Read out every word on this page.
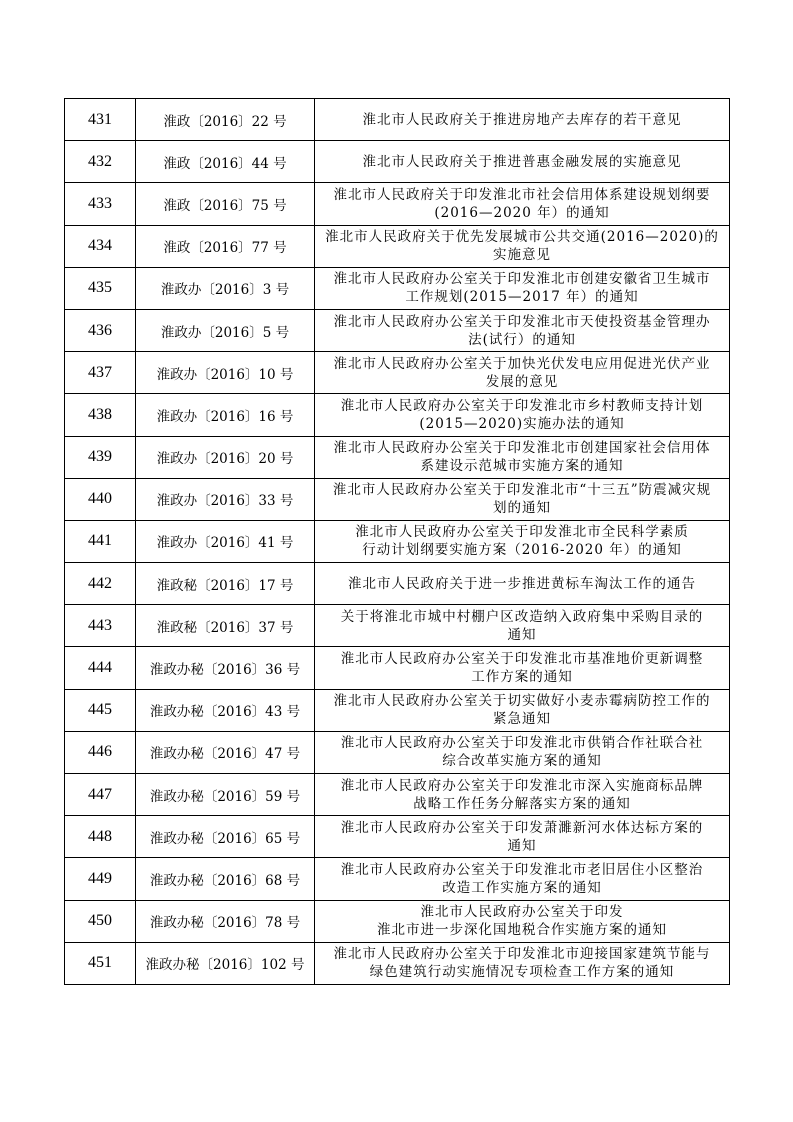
431	淮政〔2016〕22 号	淮北市人民政府关于推进房地产去库存的若干意见

432	淮政〔2016〕44 号	淮北市人民政府关于推进普惠金融发展的实施意见

433	淮政〔2016〕75 号	淮北市人民政府关于印发淮北市社会信用体系建设规划纲要
(2016—2020 年）的通知

434	淮政〔2016〕77 号	淮北市人民政府关于优先发展城市公共交通(2016—2020)的
实施意见

435	淮政办〔2016〕3 号	淮北市人民政府办公室关于印发淮北市创建安徽省卫生城市
工作规划(2015—2017 年）的通知

436	淮政办〔2016〕5 号	淮北市人民政府办公室关于印发淮北市天使投资基金管理办
法(试行）的通知

437	淮政办〔2016〕10 号	淮北市人民政府办公室关于加快光伏发电应用促进光伏产业
发展的意见

438	淮政办〔2016〕16 号	淮北市人民政府办公室关于印发淮北市乡村教师支持计划
(2015—2020)实施办法的通知

439	淮政办〔2016〕20 号	淮北市人民政府办公室关于印发淮北市创建国家社会信用体
系建设示范城市实施方案的通知

440	淮政办〔2016〕33 号	淮北市人民政府办公室关于印发淮北市“十三五”防震减灾规
划的通知

441	淮政办〔2016〕41 号	淮北市人民政府办公室关于印发淮北市全民科学素质
行动计划纲要实施方案（2016-2020 年）的通知

442	淮政秘〔2016〕17 号	淮北市人民政府关于进一步推进黄标车淘汰工作的通告

443	淮政秘〔2016〕37 号	关于将淮北市城中村棚户区改造纳入政府集中采购目录的
通知

444	淮政办秘〔2016〕36 号	淮北市人民政府办公室关于印发淮北市基准地价更新调整
工作方案的通知

445	淮政办秘〔2016〕43 号	淮北市人民政府办公室关于切实做好小麦赤霉病防控工作的
紧急通知

446	淮政办秘〔2016〕47 号	淮北市人民政府办公室关于印发淮北市供销合作社联合社
综合改革实施方案的通知

447	淮政办秘〔2016〕59 号	淮北市人民政府办公室关于印发淮北市深入实施商标品牌
战略工作任务分解落实方案的通知

448	淮政办秘〔2016〕65 号	淮北市人民政府办公室关于印发萧濉新河水体达标方案的
通知

449	淮政办秘〔2016〕68 号	淮北市人民政府办公室关于印发淮北市老旧居住小区整治
改造工作实施方案的通知

450	淮政办秘〔2016〕78 号	淮北市人民政府办公室关于印发
淮北市进一步深化国地税合作实施方案的通知

451	淮政办秘〔2016〕102 号	淮北市人民政府办公室关于印发淮北市迎接国家建筑节能与
绿色建筑行动实施情况专项检查工作方案的通知
